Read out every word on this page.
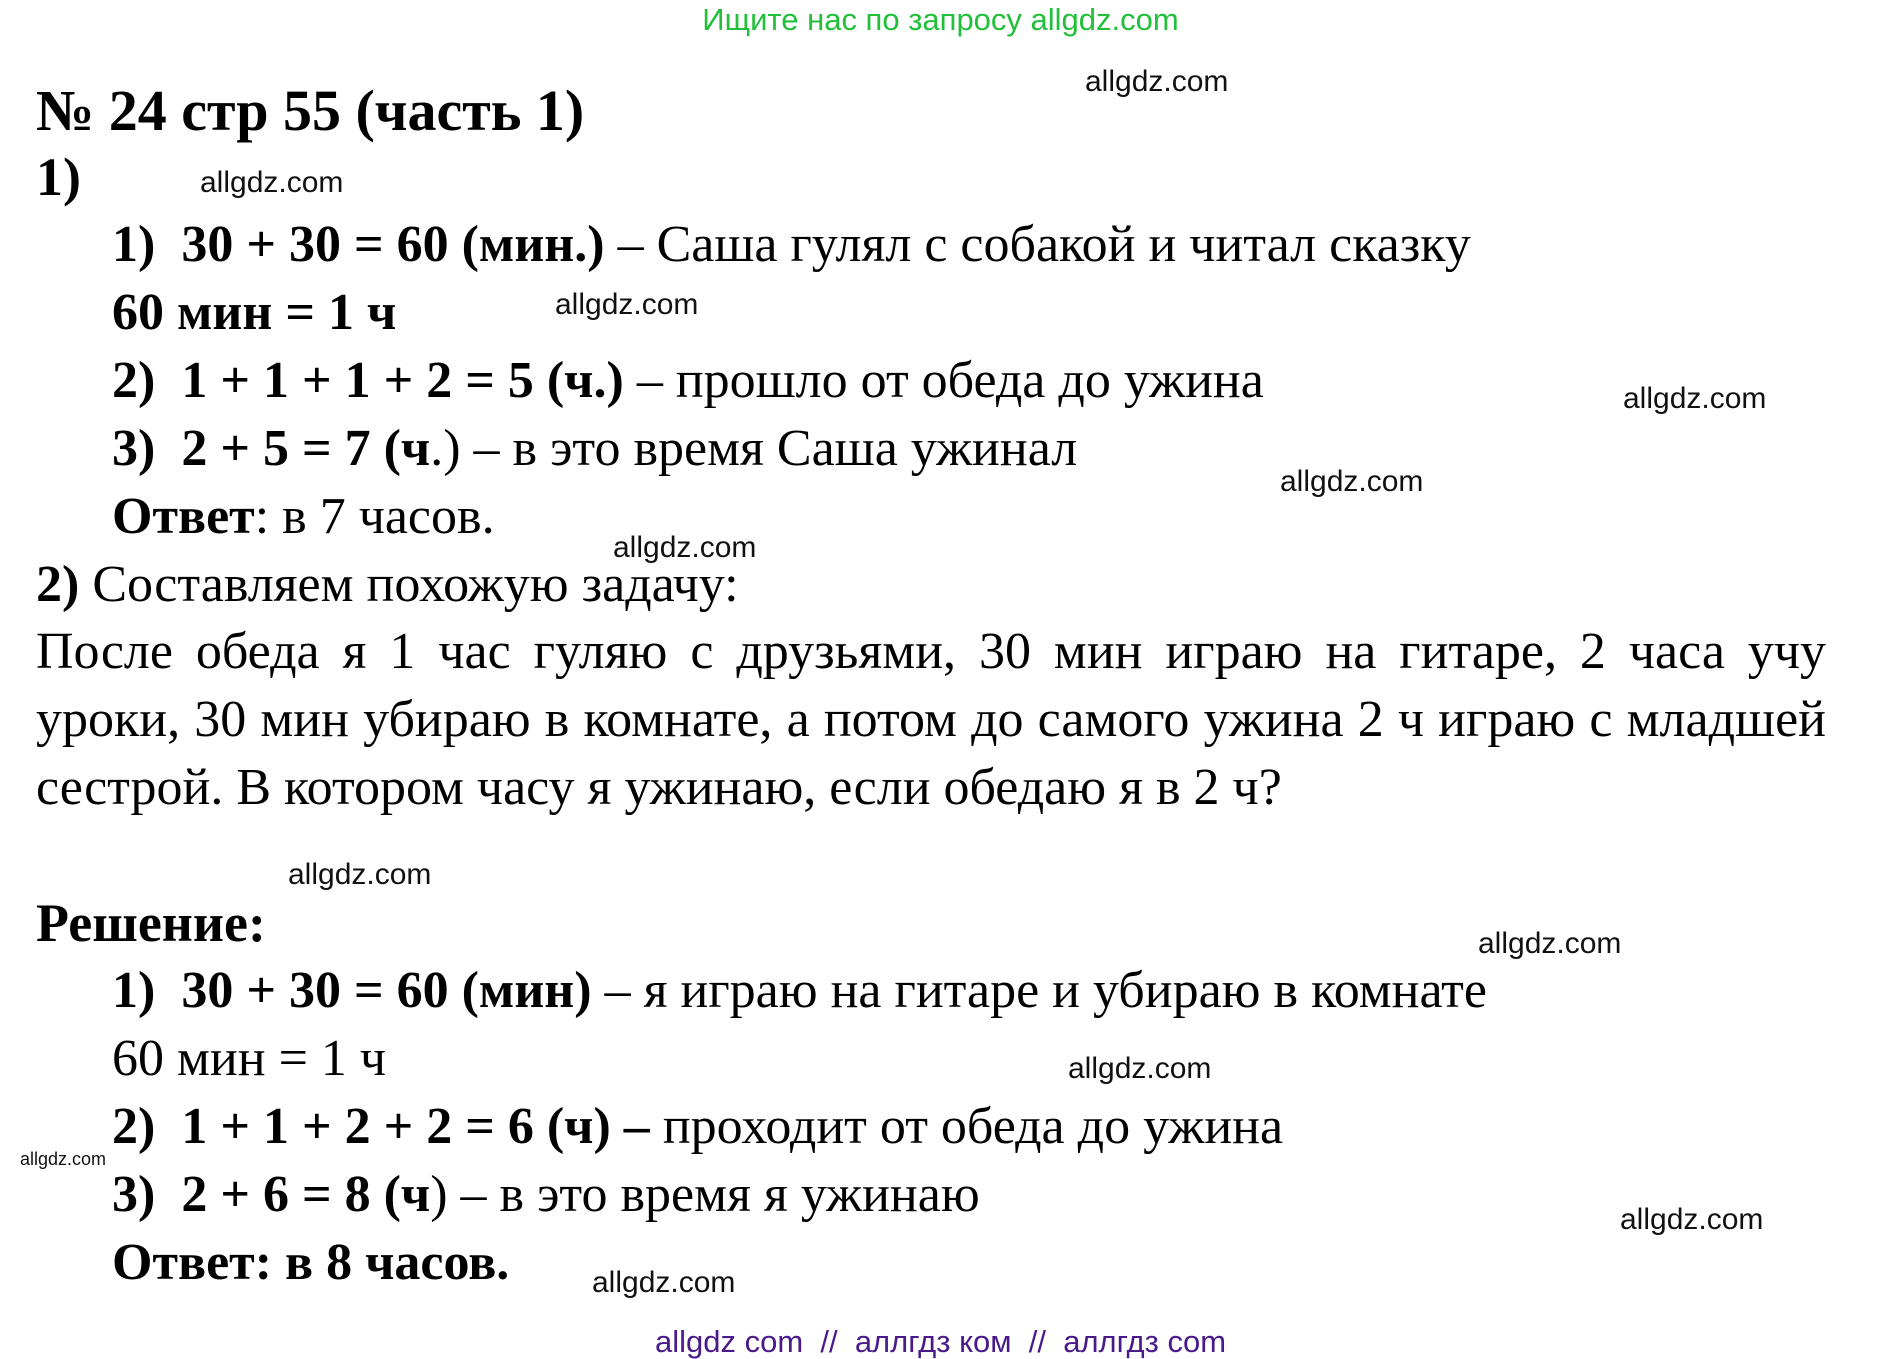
Ищите нас по запросу allgdz.com
allgdz.com
allgdz.com
allgdz.com
allgdz.com
allgdz.com
allgdz.com
allgdz.com
allgdz.com
allgdz.com
allgdz.com
allgdz.com
allgdz.com
№ 24 стр 55 (часть 1)
1)
1) 30 + 30 = 60 (мин.) – Саша гулял с собакой и читал сказку
60 мин = 1 ч
2) 1 + 1 + 1 + 2 = 5 (ч.) – прошло от обеда до ужина
3) 2 + 5 = 7 (ч.) – в это время Саша ужинал
Ответ: в 7 часов.
2) Составляем похожую задачу:
После обеда я 1 час гуляю с друзьями, 30 мин играю на гитаре, 2 часа учу уроки, 30 мин убираю в комнате, а потом до самого ужина 2 ч играю с младшей сестрой. В котором часу я ужинаю, если обедаю я в 2 ч?
Решение:
1) 30 + 30 = 60 (мин) – я играю на гитаре и убираю в комнате
60 мин = 1 ч
2) 1 + 1 + 2 + 2 = 6 (ч) – проходит от обеда до ужина
3) 2 + 6 = 8 (ч) – в это время я ужинаю
Ответ: в 8 часов.
allgdz com  //  аллгдз ком  //  аллгдз com
